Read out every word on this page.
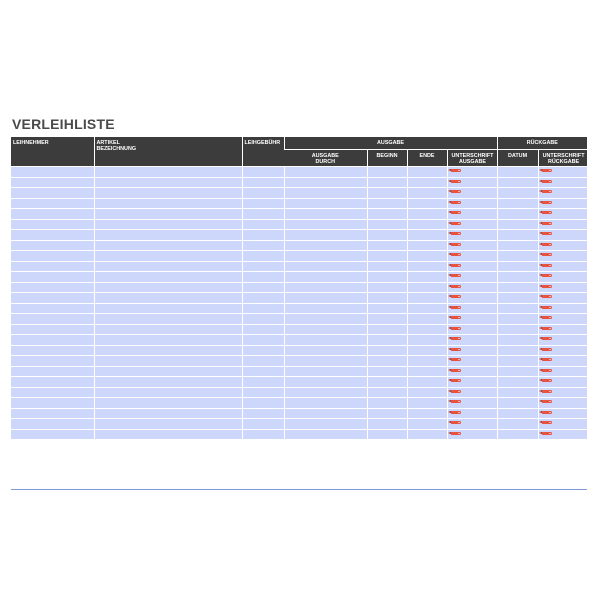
VERLEIHLISTE
LEIHNEHMER	ARTIKEL BEZEICHNUNG	LEIHGEBÜHR	AUSGABE				RÜCKGABE	

			AUSGABE DURCH	BEGINN	ENDE	UNTERSCHRIFT AUSGABE	DATUM	UNTERSCHRIFT RÜCKGABE
